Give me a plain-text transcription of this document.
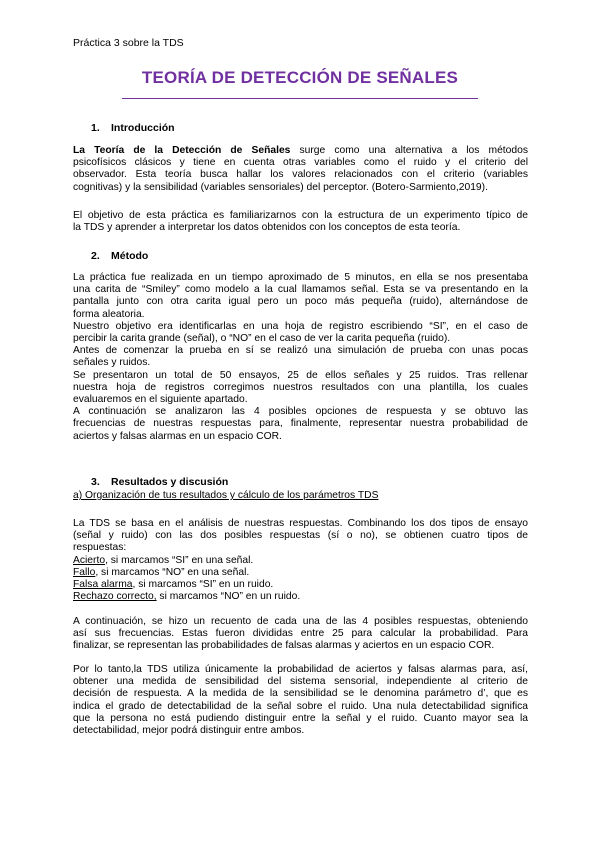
Práctica 3 sobre la TDS
TEORÍA DE DETECCIÓN DE SEÑALES
1. Introducción
La Teoría de la Detección de Señales surge como una alternativa a los métodos
psicofísicos clásicos y tiene en cuenta otras variables como el ruido y el criterio del
observador. Esta teoría busca hallar los valores relacionados con el criterio (variables
cognitivas) y la sensibilidad (variables sensoriales) del perceptor. (Botero-Sarmiento,2019).
El objetivo de esta práctica es familiarizarnos con la estructura de un experimento típico de
la TDS y aprender a interpretar los datos obtenidos con los conceptos de esta teoría.
2. Método
La práctica fue realizada en un tiempo aproximado de 5 minutos, en ella se nos presentaba
una carita de “Smiley” como modelo a la cual llamamos señal. Esta se va presentando en la
pantalla junto con otra carita igual pero un poco más pequeña (ruido), alternándose de
forma aleatoria.
Nuestro objetivo era identificarlas en una hoja de registro escribiendo “SI”, en el caso de
percibir la carita grande (señal), o “NO” en el caso de ver la carita pequeña (ruido).
Antes de comenzar la prueba en sí se realizó una simulación de prueba con unas pocas
señales y ruidos.
Se presentaron un total de 50 ensayos, 25 de ellos señales y 25 ruidos. Tras rellenar
nuestra hoja de registros corregimos nuestros resultados con una plantilla, los cuales
evaluaremos en el siguiente apartado.
A continuación se analizaron las 4 posibles opciones de respuesta y se obtuvo las
frecuencias de nuestras respuestas para, finalmente, representar nuestra probabilidad de
aciertos y falsas alarmas en un espacio COR.
3. Resultados y discusión
a) Organización de tus resultados y cálculo de los parámetros TDS
La TDS se basa en el análisis de nuestras respuestas. Combinando los dos tipos de ensayo
(señal y ruido) con las dos posibles respuestas (sí o no), se obtienen cuatro tipos de
respuestas:
Acierto, si marcamos “SI” en una señal.
Fallo, si marcamos “NO” en una señal.
Falsa alarma, si marcamos “SI” en un ruido.
Rechazo correcto, si marcamos “NO” en un ruido.
A continuación, se hizo un recuento de cada una de las 4 posibles respuestas, obteniendo
así sus frecuencias. Estas fueron divididas entre 25 para calcular la probabilidad. Para
finalizar, se representan las probabilidades de falsas alarmas y aciertos en un espacio COR.
Por lo tanto,la TDS utiliza únicamente la probabilidad de aciertos y falsas alarmas para, así,
obtener una medida de sensibilidad del sistema sensorial, independiente al criterio de
decisión de respuesta. A la medida de la sensibilidad se le denomina parámetro d’, que es
indica el grado de detectabilidad de la señal sobre el ruido. Una nula detectabilidad significa
que la persona no está pudiendo distinguir entre la señal y el ruido. Cuanto mayor sea la
detectabilidad, mejor podrá distinguir entre ambos.
